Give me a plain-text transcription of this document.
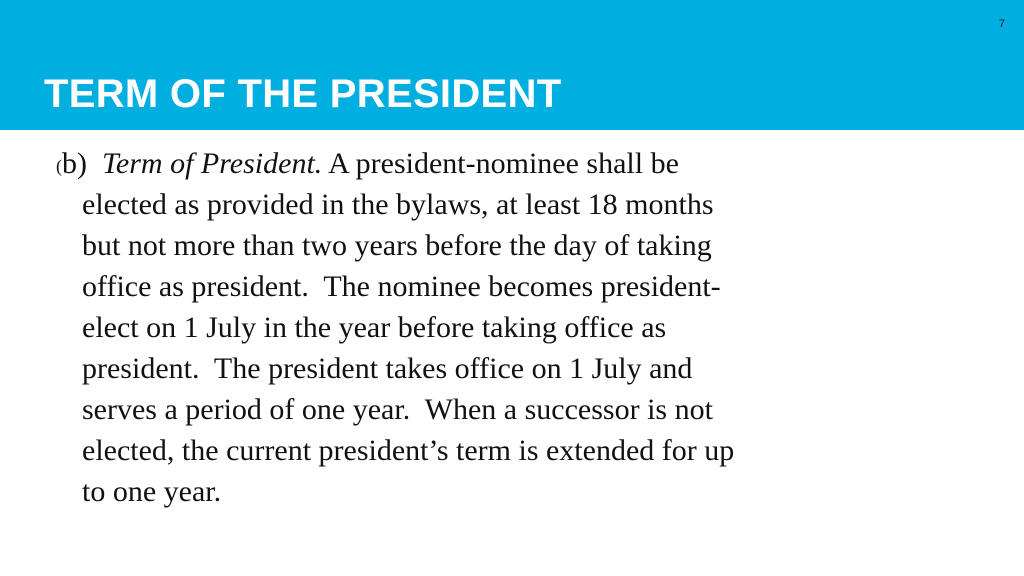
7
TERM OF THE PRESIDENT
(b) Term of President. A president-nominee shall be
elected as provided in the bylaws, at least 18 months
but not more than two years before the day of taking
office as president.  The nominee becomes president-
elect on 1 July in the year before taking office as
president.  The president takes office on 1 July and
serves a period of one year.  When a successor is not
elected, the current president’s term is extended for up
to one year.
